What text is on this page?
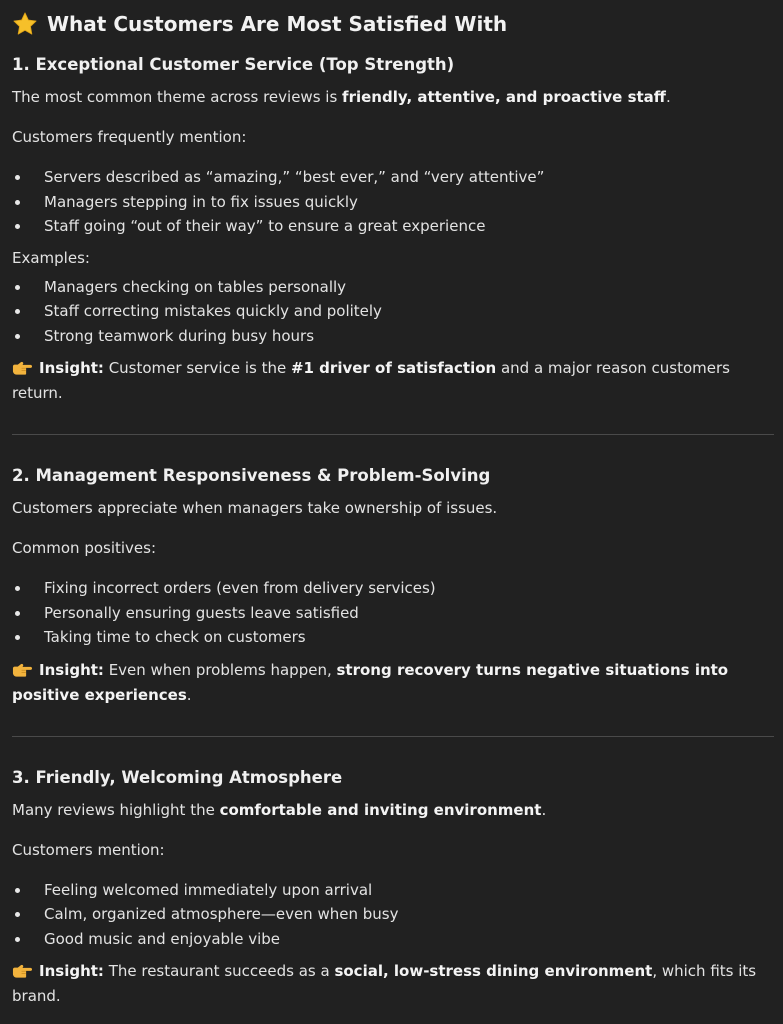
What Customers Are Most Satisfied With
1. Exceptional Customer Service (Top Strength)

The most common theme across reviews is friendly, attentive, and proactive staff.

Customers frequently mention:

Servers described as “amazing,” “best ever,” and “very attentive”
Managers stepping in to fix issues quickly
Staff going “out of their way” to ensure a great experience

Examples:

Managers checking on tables personally
Staff correcting mistakes quickly and politely
Strong teamwork during busy hours

Insight: Customer service is the #1 driver of satisfaction and a major reason customers return.

2. Management Responsiveness & Problem-Solving

Customers appreciate when managers take ownership of issues.

Common positives:

Fixing incorrect orders (even from delivery services)
Personally ensuring guests leave satisfied
Taking time to check on customers

Insight: Even when problems happen, strong recovery turns negative situations into positive experiences.

3. Friendly, Welcoming Atmosphere

Many reviews highlight the comfortable and inviting environment.

Customers mention:

Feeling welcomed immediately upon arrival
Calm, organized atmosphere—even when busy
Good music and enjoyable vibe

Insight: The restaurant succeeds as a social, low-stress dining environment, which fits its brand.
